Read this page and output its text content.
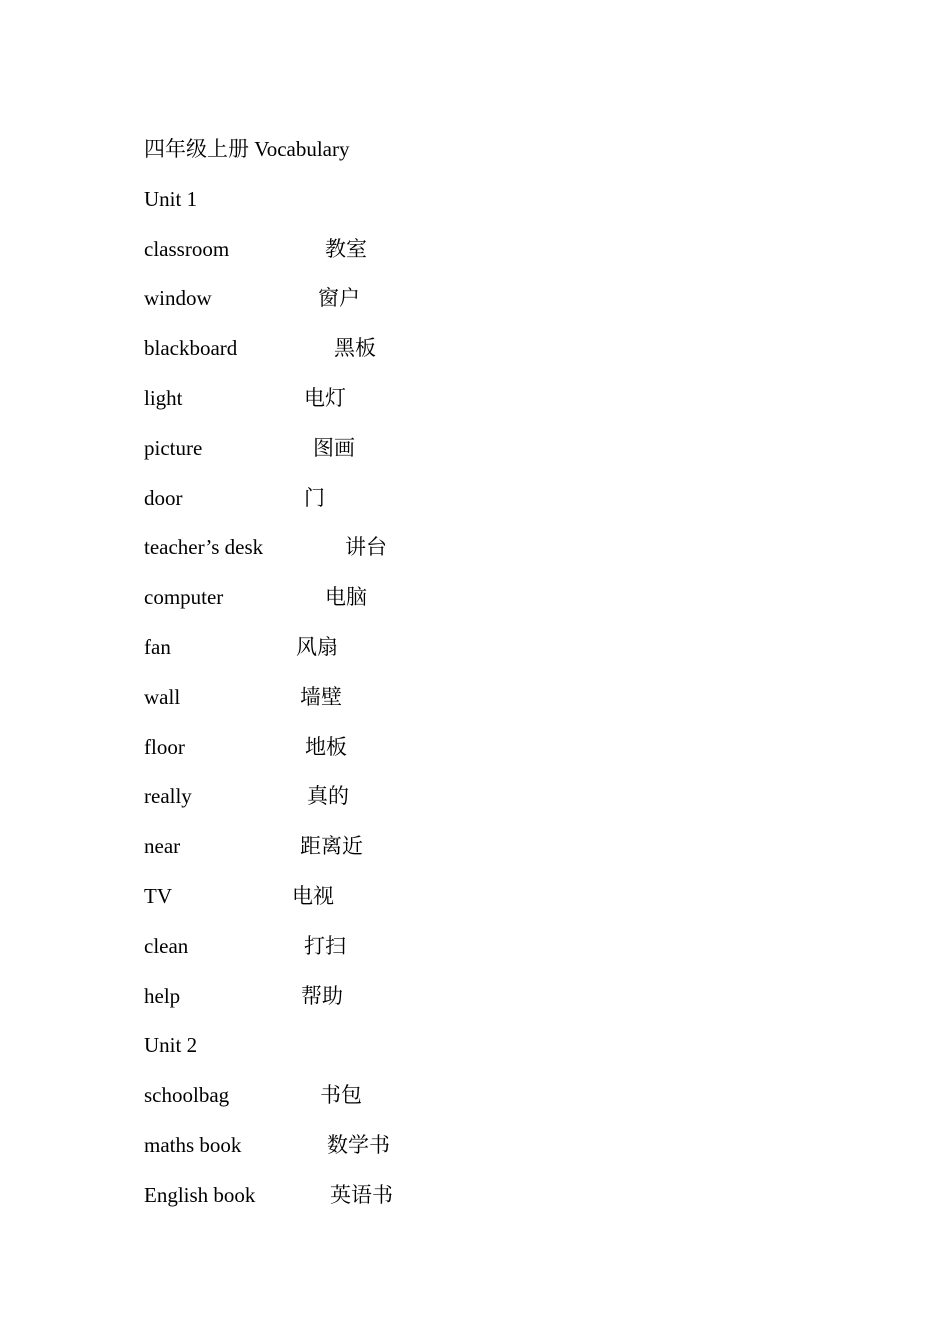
四年级上册 Vocabulary
Unit 1
classroom	教室
window	窗户
blackboard	黑板
light	电灯
picture	图画
door	门
teacher’s desk	讲台
computer	电脑
fan	风扇
wall	墙壁
floor	地板
really	真的
near	距离近
TV	电视
clean	打扫
help	帮助
Unit 2
schoolbag	书包
maths book	数学书
English book	英语书
